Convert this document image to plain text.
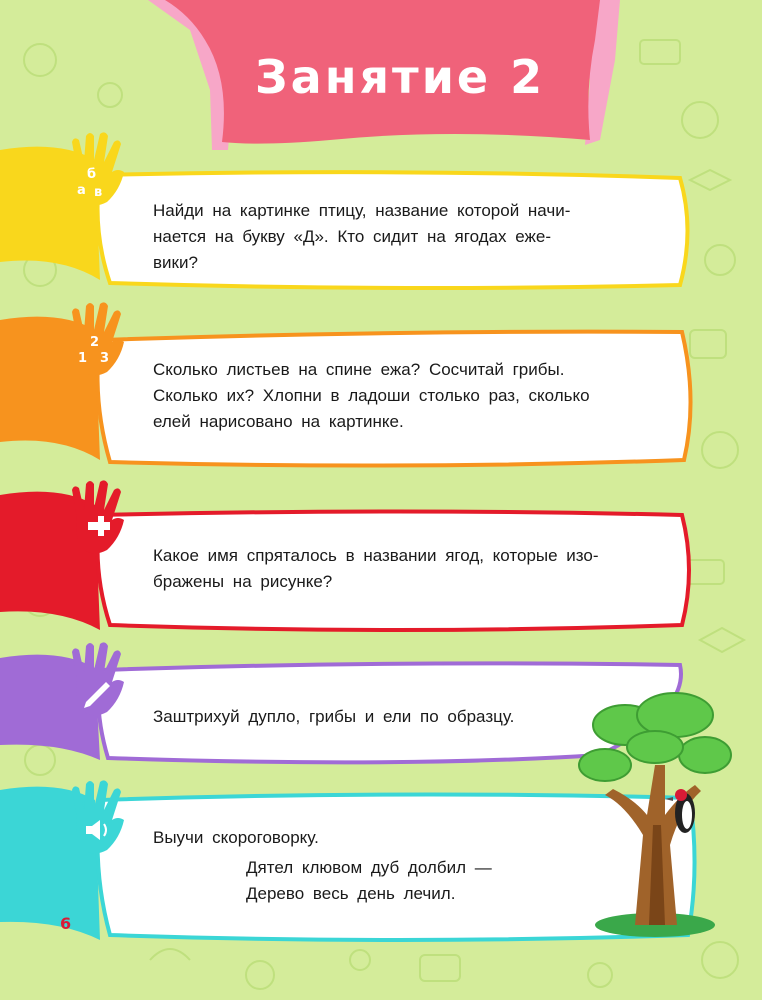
Занятие 2
б
а в
1
2
3
Найди на картинке птицу, название которой начи-
нается на букву «Д». Кто сидит на ягодах еже-
вики?
Сколько листьев на спине ежа? Сосчитай грибы.
Сколько их? Хлопни в ладоши столько раз, сколько
елей нарисовано на картинке.
Какое имя спряталось в названии ягод, которые изо-
бражены на рисунке?
Заштрихуй дупло, грибы и ели по образцу.
Выучи скороговорку.
Дятел клювом дуб долбил —
Дерево весь день лечил.
6
